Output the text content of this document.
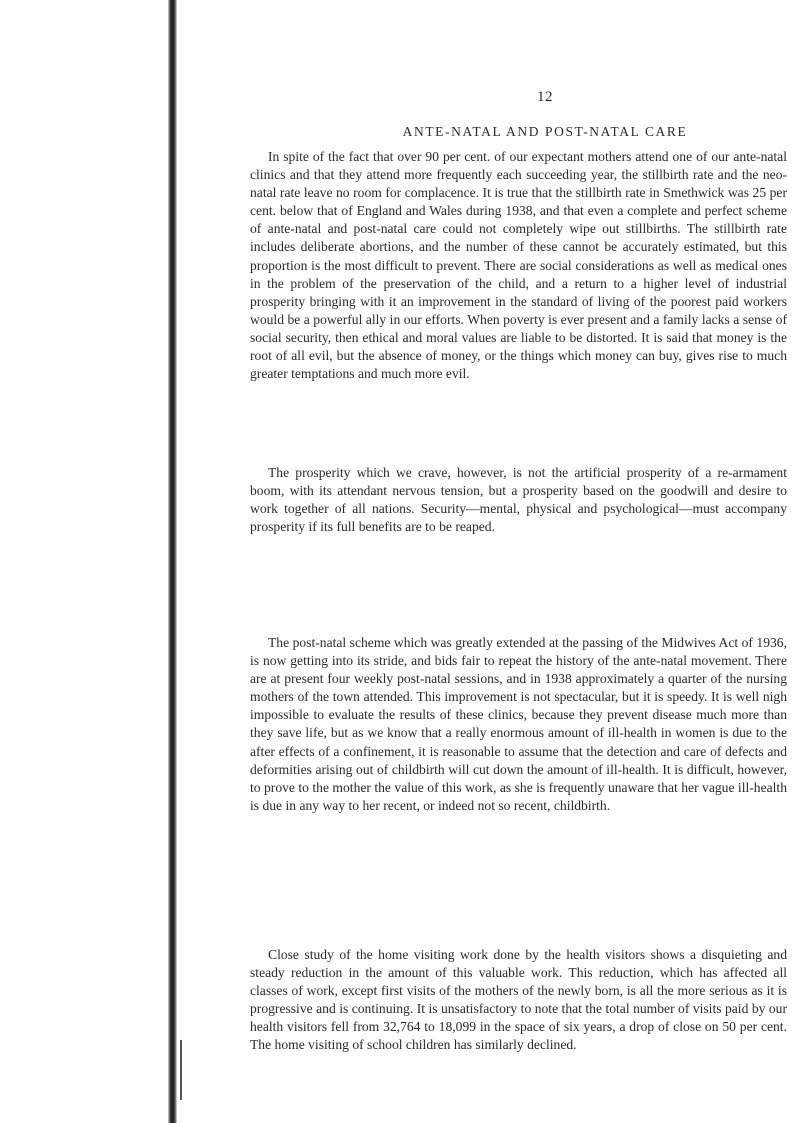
12
ANTE-NATAL AND POST-NATAL CARE

In spite of the fact that over 90 per cent. of our expectant mothers attend one of our ante-natal clinics and that they attend more frequently each succeeding year, the stillbirth rate and the neo-natal rate leave no room for complacence. It is true that the stillbirth rate in Smethwick was 25 per cent. below that of England and Wales during 1938, and that even a complete and perfect scheme of ante-natal and post-natal care could not completely wipe out stillbirths. The stillbirth rate includes deliberate abortions, and the number of these cannot be accurately estimated, but this proportion is the most difficult to prevent. There are social considerations as well as medical ones in the problem of the preservation of the child, and a return to a higher level of industrial prosperity bringing with it an improvement in the standard of living of the poorest paid workers would be a powerful ally in our efforts. When poverty is ever present and a family lacks a sense of social security, then ethical and moral values are liable to be distorted. It is said that money is the root of all evil, but the absence of money, or the things which money can buy, gives rise to much greater temptations and much more evil.

The prosperity which we crave, however, is not the artificial prosperity of a re-armament boom, with its attendant nervous tension, but a prosperity based on the goodwill and desire to work together of all nations. Security—mental, physical and psychological—must accompany prosperity if its full benefits are to be reaped.

The post-natal scheme which was greatly extended at the passing of the Midwives Act of 1936, is now getting into its stride, and bids fair to repeat the history of the ante-natal movement. There are at present four weekly post-natal sessions, and in 1938 approximately a quarter of the nursing mothers of the town attended. This improvement is not spectacular, but it is speedy. It is well nigh impossible to evaluate the results of these clinics, because they prevent disease much more than they save life, but as we know that a really enormous amount of ill-health in women is due to the after effects of a confinement, it is reasonable to assume that the detection and care of defects and deformities arising out of childbirth will cut down the amount of ill-health. It is difficult, however, to prove to the mother the value of this work, as she is frequently unaware that her vague ill-health is due in any way to her recent, or indeed not so recent, childbirth.

Close study of the home visiting work done by the health visitors shows a disquieting and steady reduction in the amount of this valuable work. This reduction, which has affected all classes of work, except first visits of the mothers of the newly born, is all the more serious as it is progressive and is continuing. It is unsatisfactory to note that the total number of visits paid by our health visitors fell from 32,764 to 18,099 in the space of six years, a drop of close on 50 per cent. The home visiting of school children has similarly declined.
